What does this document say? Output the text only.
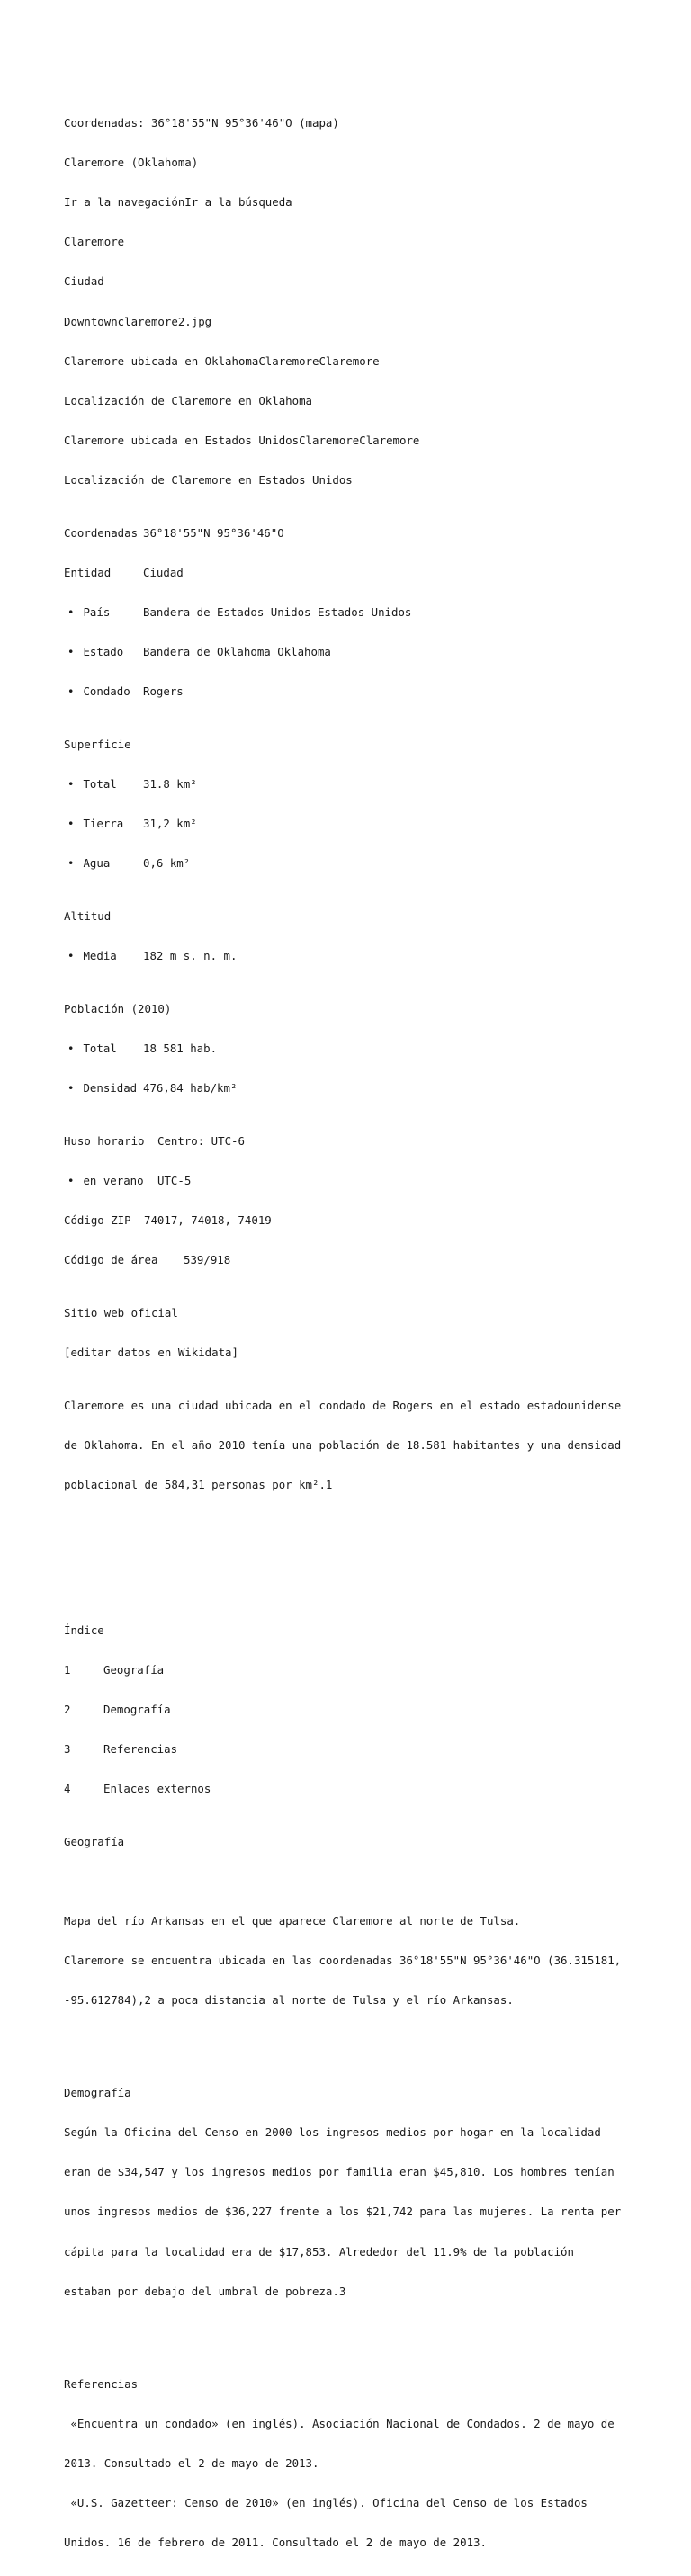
Coordenadas: 36°18'55"N 95°36'46"O (mapa)

Claremore (Oklahoma)

Ir a la navegaciónIr a la búsqueda

Claremore

Ciudad

Downtownclaremore2.jpg

Claremore ubicada en OklahomaClaremoreClaremore

Localización de Claremore en Oklahoma

Claremore ubicada en Estados UnidosClaremoreClaremore

Localización de Claremore en Estados Unidos

Coordenadas 36°18'55"N 95°36'46"O

Entidad	Ciudad

• País	Bandera de Estados Unidos Estados Unidos

• Estado	Bandera de Oklahoma Oklahoma

• Condado	Rogers

Superficie

• Total	31.8 km²

• Tierra	31,2 km²

• Agua	0,6 km²

Altitud

• Media	182 m s. n. m.

Población (2010)

• Total	18 581 hab.

• Densidad 476,84 hab/km²

Huso horario	Centro: UTC-6

• en verano	UTC-5

Código ZIP	74017, 74018, 74019

Código de área	539/918

Sitio web oficial

[editar datos en Wikidata]

Claremore es una ciudad ubicada en el condado de Rogers en el estado estadounidense

de Oklahoma. En el año 2010 tenía una población de 18.581 habitantes y una densidad

poblacional de 584,31 personas por km².1

Índice

1	Geografía

2	Demografía

3	Referencias

4	Enlaces externos

Geografía

Mapa del río Arkansas en el que aparece Claremore al norte de Tulsa.

Claremore se encuentra ubicada en las coordenadas 36°18'55"N 95°36'46"O (36.315181,

-95.612784),2 a poca distancia al norte de Tulsa y el río Arkansas.

Demografía

Según la Oficina del Censo en 2000 los ingresos medios por hogar en la localidad

eran de $34,547 y los ingresos medios por familia eran $45,810. Los hombres tenían

unos ingresos medios de $36,227 frente a los $21,742 para las mujeres. La renta per

cápita para la localidad era de $17,853. Alrededor del 11.9% de la población

estaban por debajo del umbral de pobreza.3

Referencias

«Encuentra un condado» (en inglés). Asociación Nacional de Condados. 2 de mayo de

2013. Consultado el 2 de mayo de 2013.

«U.S. Gazetteer: Censo de 2010» (en inglés). Oficina del Censo de los Estados

Unidos. 16 de febrero de 2011. Consultado el 2 de mayo de 2013.
